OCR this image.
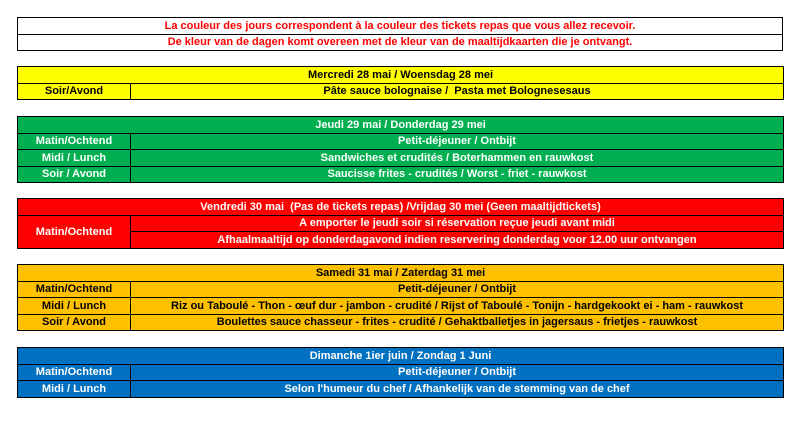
La couleur des jours correspondent à la couleur des tickets repas que vous allez recevoir.
De kleur van de dagen komt overeen met de kleur van de maaltijdkaarten die je ontvangt.
Mercredi 28 mai / Woensdag 28 mei
Soir/Avond	Pâte sauce bolognaise /  Pasta met Bolognesesaus
Jeudi 29 mai / Donderdag 29 mei	
Matin/Ochtend	Petit-déjeuner / Ontbijt
Midi / Lunch	Sandwiches et crudités / Boterhammen en rauwkost
Soir / Avond	Saucisse frites - crudités / Worst - friet - rauwkost
Vendredi 30 mai  (Pas de tickets repas) /Vrijdag 30 mei (Geen maaltijdtickets)
Matin/Ochtend	A emporter le jeudi soir si réservation reçue jeudi avant midi
Afhaalmaaltijd op donderdagavond indien reservering donderdag voor 12.00 uur ontvangen
Samedi 31 mai / Zaterdag 31 mei	
Matin/Ochtend	Petit-déjeuner / Ontbijt
Midi / Lunch	Riz ou Taboulé - Thon - œuf dur - jambon - crudité / Rijst of Taboulé - Tonijn - hardgekookt ei - ham - rauwkost
Soir / Avond	Boulettes sauce chasseur - frites - crudité / Gehaktballetjes in jagersaus - frietjes - rauwkost
Dimanche 1ier juin / Zondag 1 Juni	
Matin/Ochtend	Petit-déjeuner / Ontbijt
Midi / Lunch	Selon l'humeur du chef / Afhankelijk van de stemming van de chef
